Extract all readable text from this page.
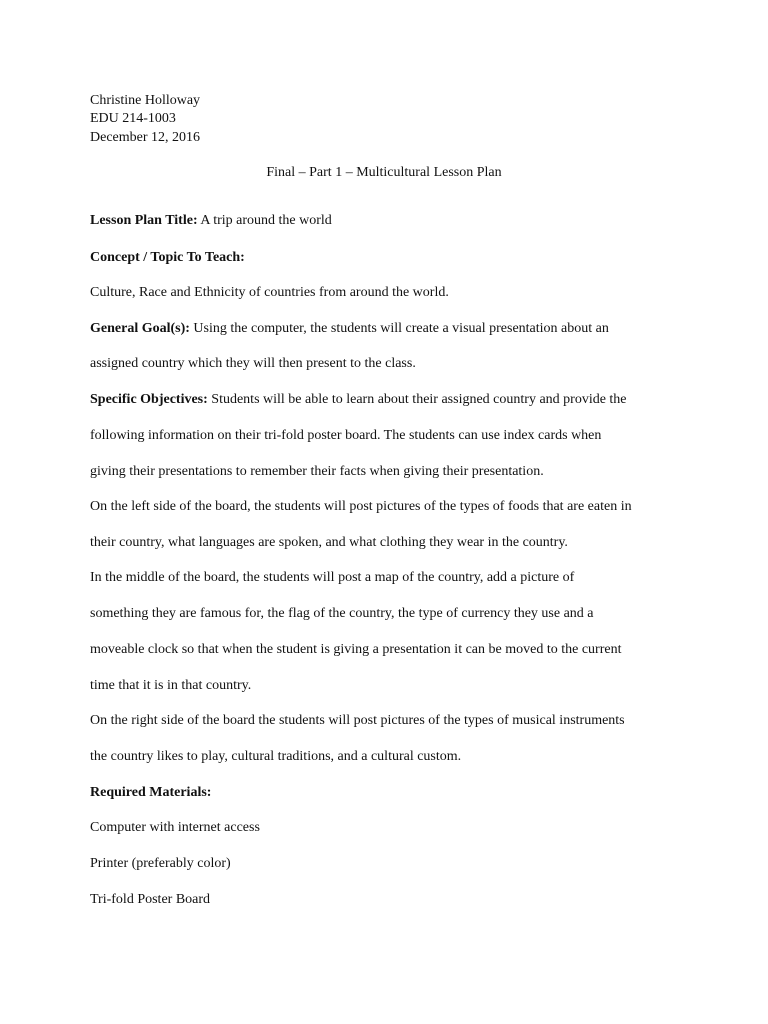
Christine Holloway
EDU 214-1003
December 12, 2016
Final – Part 1 – Multicultural Lesson Plan
Lesson Plan Title: A trip around the world
Concept / Topic To Teach:
Culture, Race and Ethnicity of countries from around the world.
General Goal(s): Using the computer, the students will create a visual presentation about an
assigned country which they will then present to the class.
Specific Objectives: Students will be able to learn about their assigned country and provide the
following information on their tri-fold poster board. The students can use index cards when
giving their presentations to remember their facts when giving their presentation.
On the left side of the board, the students will post pictures of the types of foods that are eaten in
their country, what languages are spoken, and what clothing they wear in the country.
In the middle of the board, the students will post a map of the country, add a picture of
something they are famous for, the flag of the country, the type of currency they use and a
moveable clock so that when the student is giving a presentation it can be moved to the current
time that it is in that country.
On the right side of the board the students will post pictures of the types of musical instruments
the country likes to play, cultural traditions, and a cultural custom.
Required Materials:
Computer with internet access
Printer (preferably color)
Tri-fold Poster Board
